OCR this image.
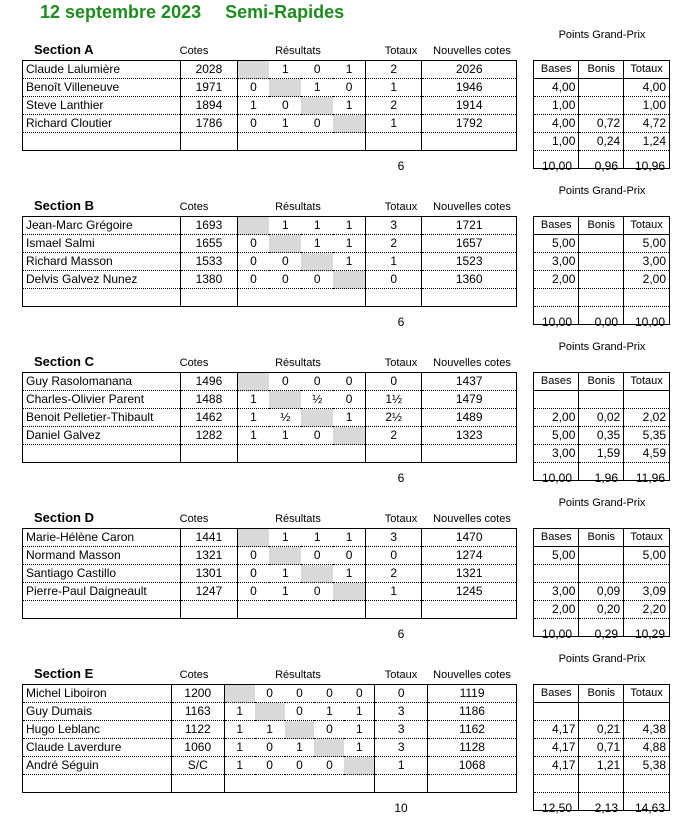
12 septembre 2023 Semi-Rapides
Section A	Cotes	Résultats	Totaux	Nouvelles cotes
Points Grand-Prix
Claude Lalumière	2028		1	0	1	2	2026
Benoît Villeneuve	1971	0		1	0	1	1946
Steve Lanthier	1894	1	0		1	2	1914
Richard Cloutier	1786	0	1	0		1	1792

Bases	Bonis	Totaux
4,00		4,00
1,00		1,00
4,00	0,72	4,72
1,00	0,24	1,24

6	10,00	0,96	10,96
Section B	Cotes	Résultats	Totaux	Nouvelles cotes
Points Grand-Prix
Jean-Marc Grégoire	1693		1	1	1	3	1721
Ismael Salmi	1655	0		1	1	2	1657
Richard Masson	1533	0	0		1	1	1523
Delvis Galvez Nunez	1380	0	0	0		0	1360

Bases	Bonis	Totaux
5,00		5,00
3,00		3,00
2,00		2,00

6	10,00	0,00	10,00
Section C	Cotes	Résultats	Totaux	Nouvelles cotes
Points Grand-Prix
Guy Rasolomanana	1496		0	0	0	0	1437
Charles-Olivier Parent	1488	1		½	0	1½	1479
Benoit Pelletier-Thibault	1462	1	½		1	2½	1489
Daniel Galvez	1282	1	1	0		2	1323

Bases	Bonis	Totaux

2,00	0,02	2,02
5,00	0,35	5,35
3,00	1,59	4,59

6	10,00	1,96	11,96
Section D	Cotes	Résultats	Totaux	Nouvelles cotes
Points Grand-Prix
Marie-Hélène Caron	1441		1	1	1	3	1470
Normand Masson	1321	0		0	0	0	1274
Santiago Castillo	1301	0	1		1	2	1321
Pierre-Paul Daigneault	1247	0	1	0		1	1245

Bases	Bonis	Totaux
5,00		5,00

3,00	0,09	3,09
2,00	0,20	2,20

6	10,00	0,29	10,29
Section E	Cotes	Résultats	Totaux	Nouvelles cotes
Points Grand-Prix
Michel Liboiron	1200		0	0	0	0	0	1119
Guy Dumais	1163	1		0	1	1	3	1186
Hugo Leblanc	1122	1	1		0	1	3	1162
Claude Laverdure	1060	1	0	1		1	3	1128
André Séguin	S/C	1	0	0	0		1	1068

Bases	Bonis	Totaux

4,17	0,21	4,38
4,17	0,71	4,88
4,17	1,21	5,38

10	12,50	2,13	14,63
